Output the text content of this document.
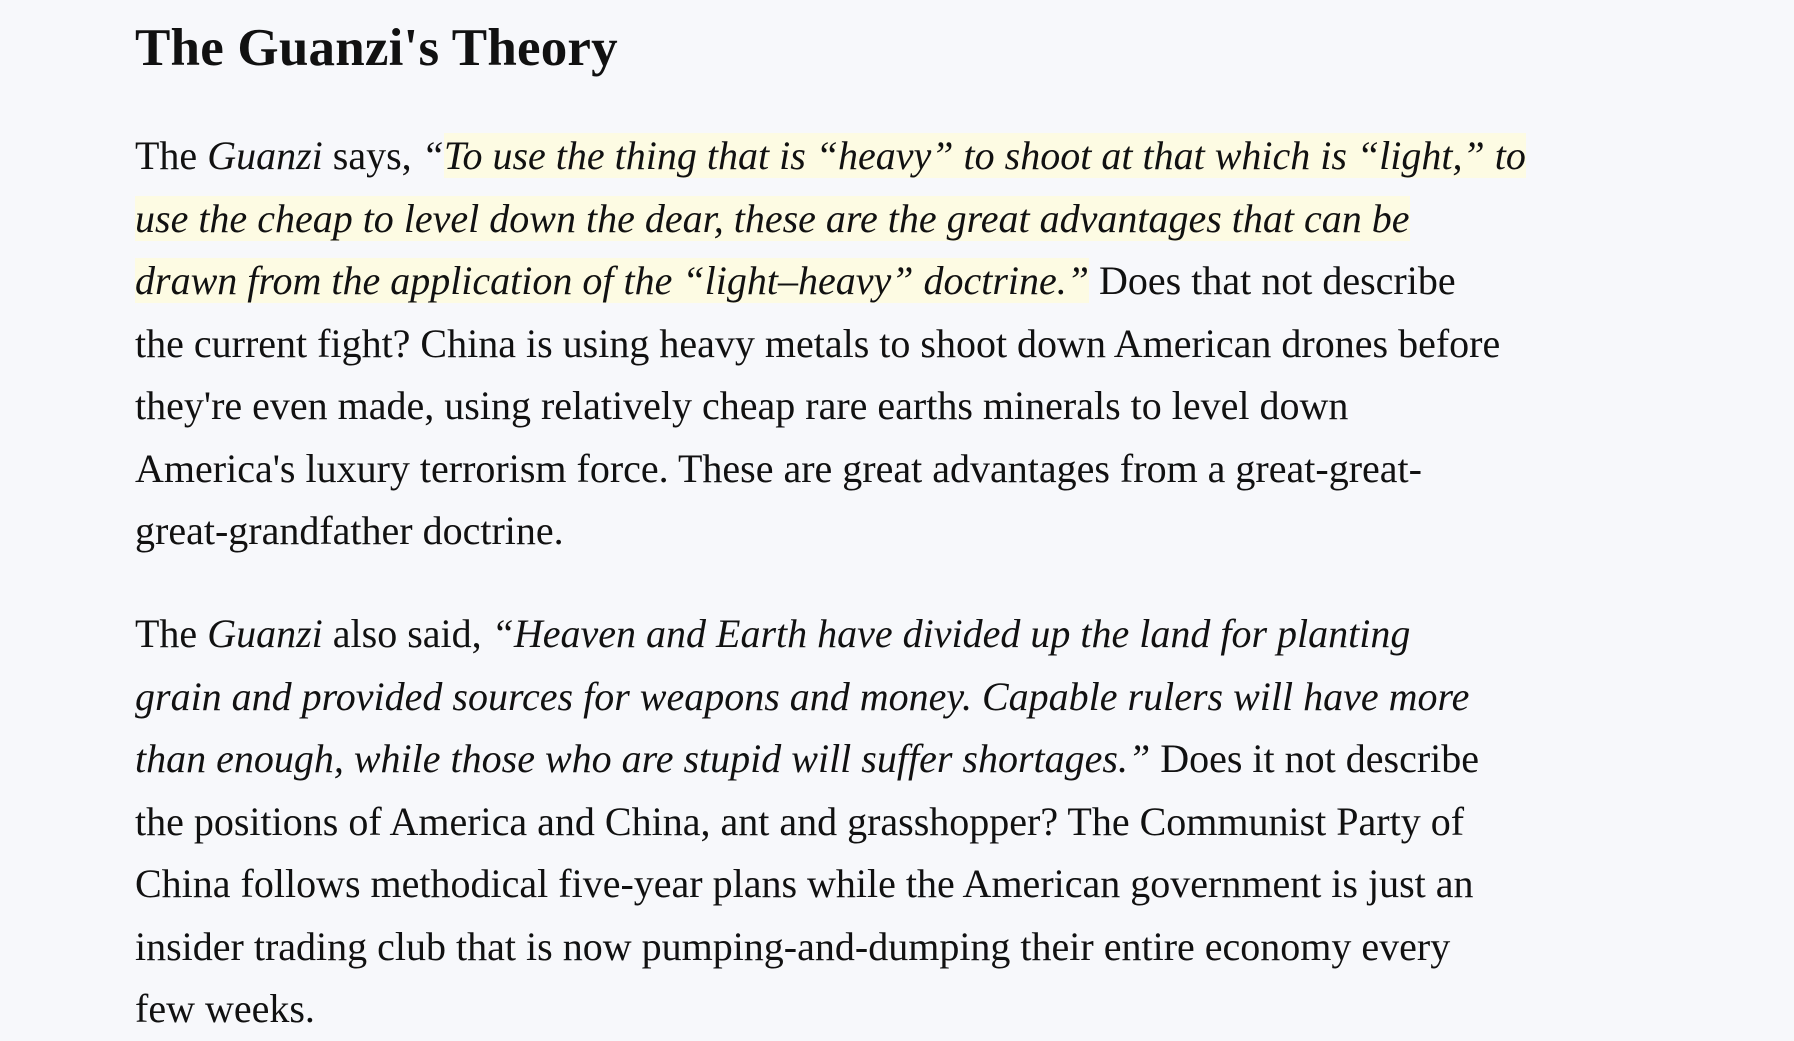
The Guanzi's Theory

The Guanzi says, “To use the thing that is “heavy” to shoot at that which is “light,” to
use the cheap to level down the dear, these are the great advantages that can be
drawn from the application of the “light–heavy” doctrine.” Does that not describe
the current fight? China is using heavy metals to shoot down American drones before
they're even made, using relatively cheap rare earths minerals to level down
America's luxury terrorism force. These are great advantages from a great-great-
great-grandfather doctrine.

The Guanzi also said, “Heaven and Earth have divided up the land for planting
grain and provided sources for weapons and money. Capable rulers will have more
than enough, while those who are stupid will suffer shortages.” Does it not describe
the positions of America and China, ant and grasshopper? The Communist Party of
China follows methodical five-year plans while the American government is just an
insider trading club that is now pumping-and-dumping their entire economy every
few weeks.
